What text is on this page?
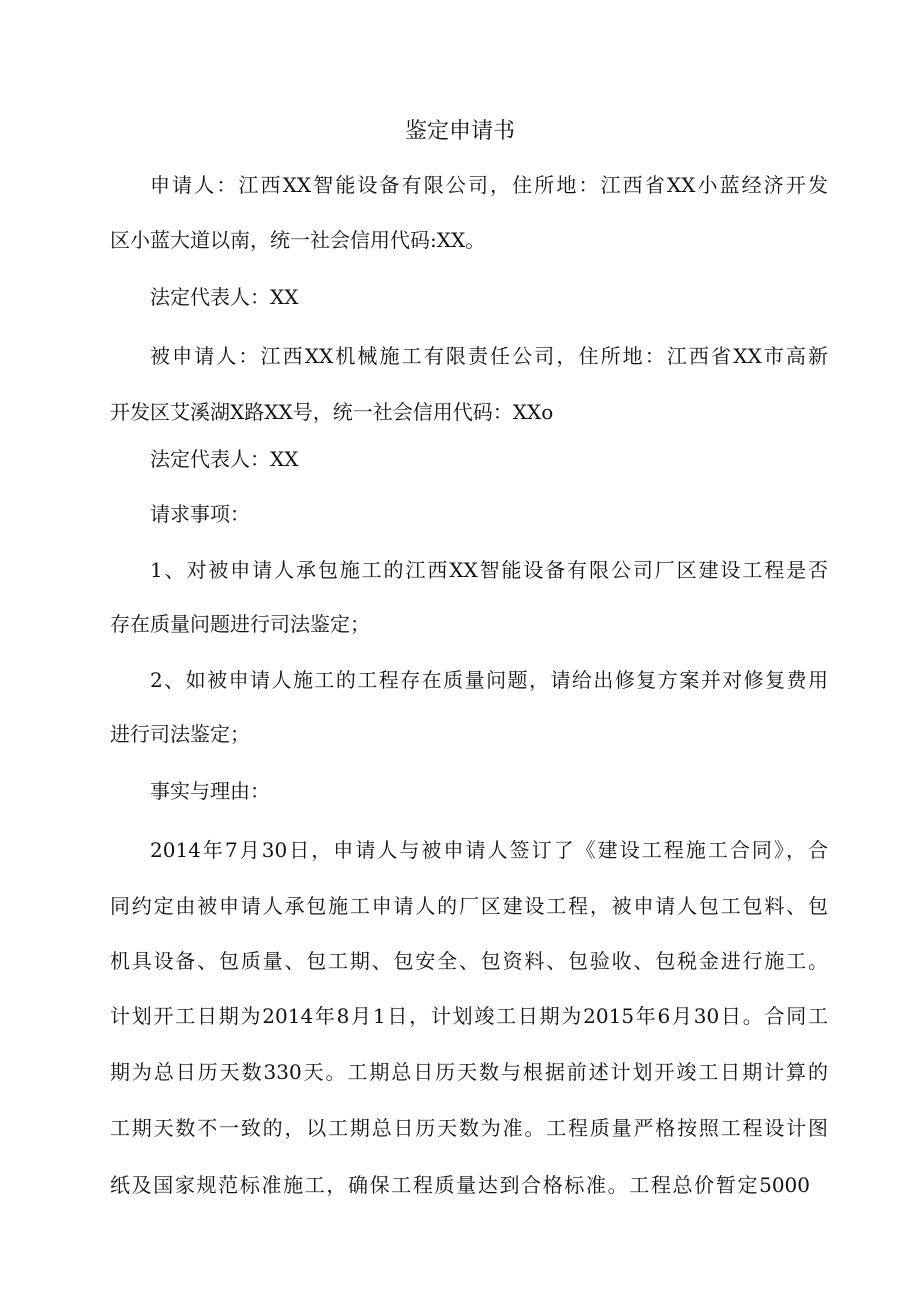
鉴定申请书
申请人：江西XX智能设备有限公司，住所地：江西省XX小蓝经济开发
区小蓝大道以南，统一社会信用代码:XX。
法定代表人：XX
被申请人：江西XX机械施工有限责任公司，住所地：江西省XX市高新
开发区艾溪湖X路XX号，统一社会信用代码：XXo
法定代表人：XX
请求事项：
1、对被申请人承包施工的江西XX智能设备有限公司厂区建设工程是否
存在质量问题进行司法鉴定；
2、如被申请人施工的工程存在质量问题，请给出修复方案并对修复费用
进行司法鉴定；
事实与理由：
2014年7月30日，申请人与被申请人签订了《建设工程施工合同》，合
同约定由被申请人承包施工申请人的厂区建设工程，被申请人包工包料、包
机具设备、包质量、包工期、包安全、包资料、包验收、包税金进行施工。
计划开工日期为2014年8月1日，计划竣工日期为2015年6月30日。合同工
期为总日历天数330天。工期总日历天数与根据前述计划开竣工日期计算的
工期天数不一致的，以工期总日历天数为准。工程质量严格按照工程设计图
纸及国家规范标准施工，确保工程质量达到合格标准。工程总价暂定5000
